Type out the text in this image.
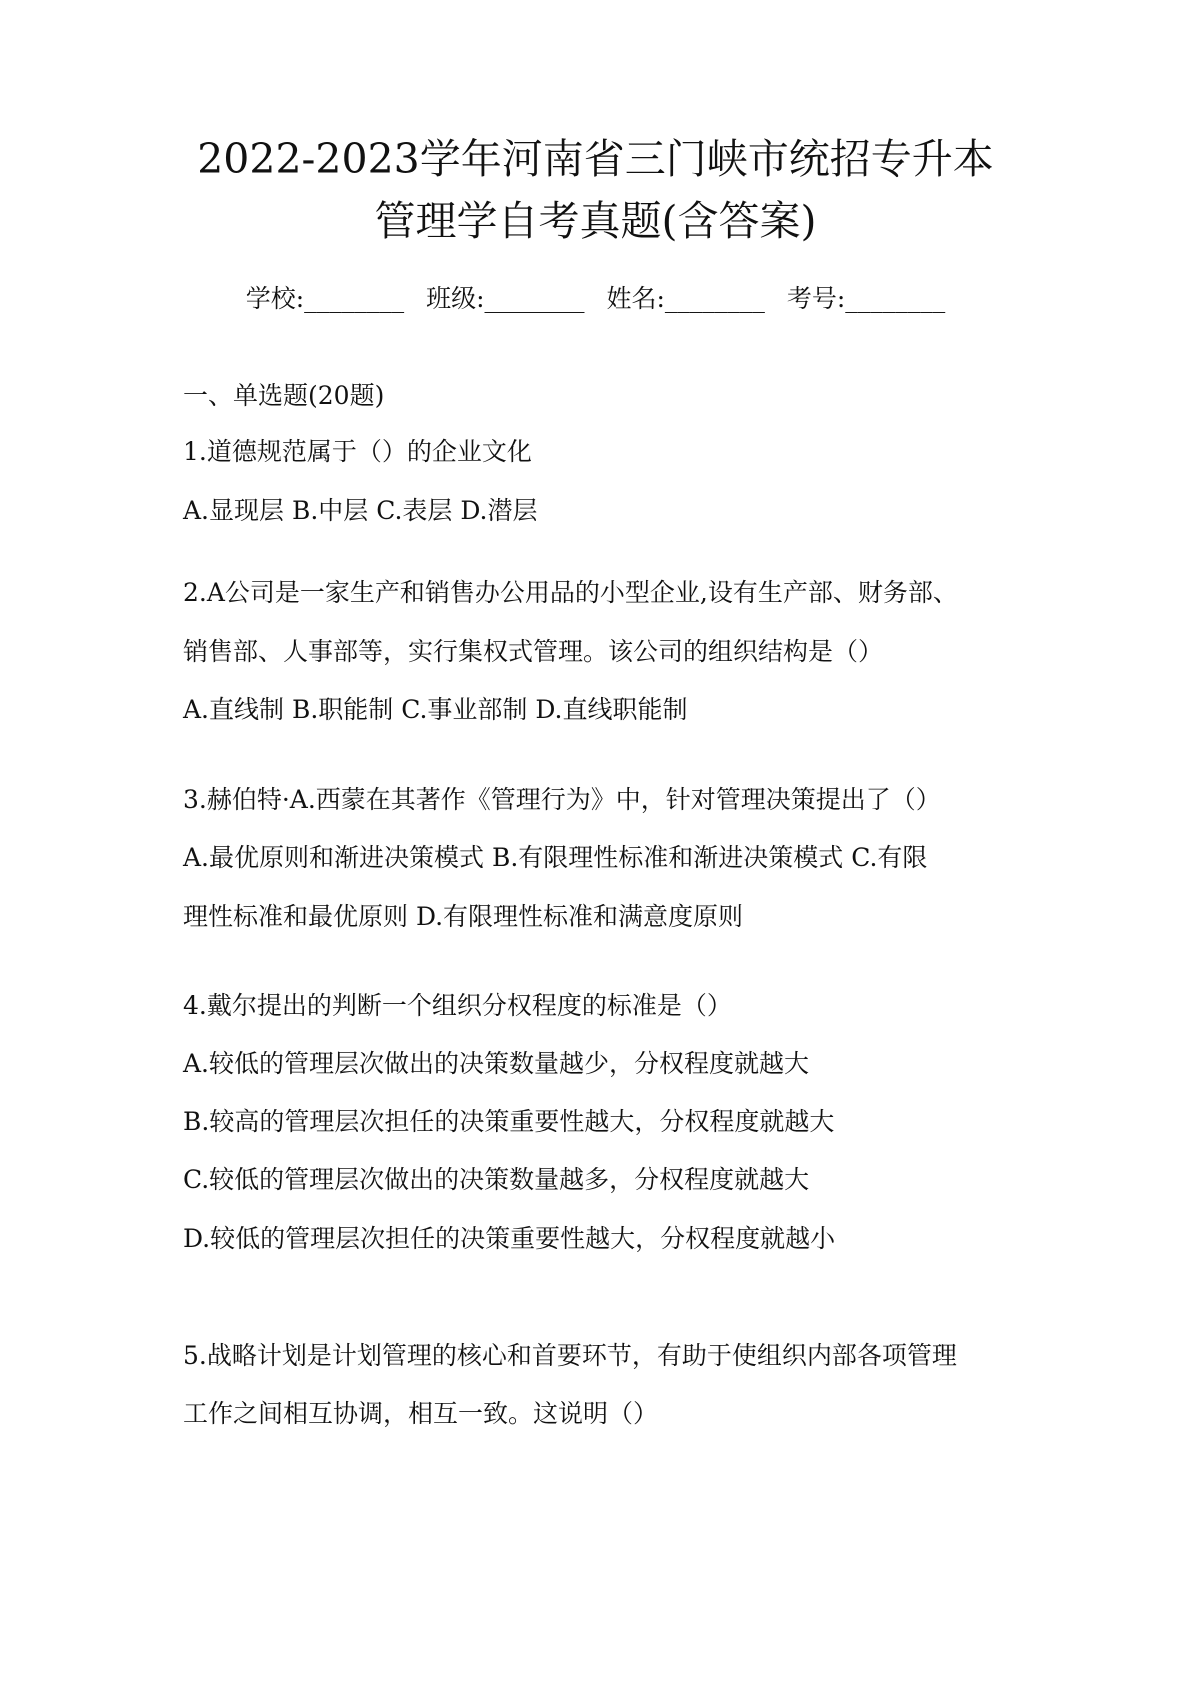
2022-2023学年河南省三门峡市统招专升本
管理学自考真题(含答案)
学校:________ 班级:________ 姓名:________ 考号:________
一、单选题(20题)
1.道德规范属于（）的企业文化
A.显现层 B.中层 C.表层 D.潜层
2.A公司是一家生产和销售办公用品的小型企业,设有生产部、财务部、
销售部、人事部等，实行集权式管理。该公司的组织结构是（）
A.直线制 B.职能制 C.事业部制 D.直线职能制
3.赫伯特·A.西蒙在其著作《管理行为》中，针对管理决策提出了（）
A.最优原则和渐进决策模式 B.有限理性标准和渐进决策模式 C.有限
理性标准和最优原则 D.有限理性标准和满意度原则
4.戴尔提出的判断一个组织分权程度的标准是（）
A.较低的管理层次做出的决策数量越少，分权程度就越大
B.较高的管理层次担任的决策重要性越大，分权程度就越大
C.较低的管理层次做出的决策数量越多，分权程度就越大
D.较低的管理层次担任的决策重要性越大，分权程度就越小
5.战略计划是计划管理的核心和首要环节，有助于使组织内部各项管理
工作之间相互协调，相互一致。这说明（）
